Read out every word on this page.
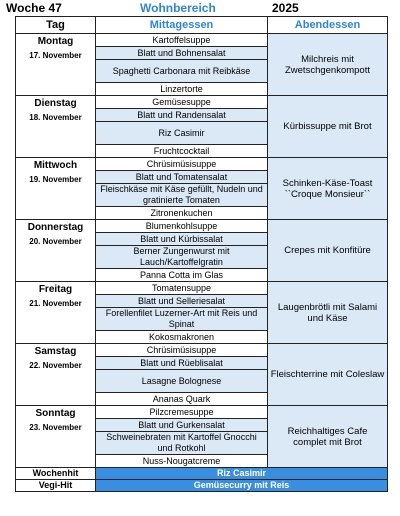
Woche 47	Wohnbereich	2025
Tag	Mittagessen	Abendessen

Montag
17. November	Kartoffelsuppe	Milchreis mit Zwetschgenkompott
	Blatt und Bohnensalat	
	Spaghetti Carbonara mit Reibkäse	
	Linzertorte	

Dienstag
18. November	Gemüsesuppe	Kürbissuppe mit Brot
	Blatt und Randensalat	
	Riz Casimir	
	Fruchtcocktail	

Mittwoch
19. November	Chrüsimüsisuppe	Schinken-Käse-Toast ``Croque Monsieur``
	Blatt und Tomatensalat	
	Fleischkäse mit Käse gefüllt, Nudeln und gratinierte Tomaten	
	Zitronenkuchen	

Donnerstag
20. November	Blumenkohlsuppe	Crepes mit Konfitüre
	Blatt und Kürbissalat	
	Berner Zungenwurst mit Lauch/Kartoffelgratin	
	Panna Cotta im Glas	

Freitag
21. November	Tomatensuppe	Laugenbrötli mit Salami und Käse
	Blatt und Selleriesalat	
	Forellenfilet Luzerner-Art mit Reis und Spinat	
	Kokosmakronen	

Samstag
22. November	Chrüsimüsisuppe	Fleischterrine mit Coleslaw
	Blatt und Rüeblisalat	
	Lasagne Bolognese	
	Ananas Quark	

Sonntag
23. November	Pilzcremesuppe	Reichhaltiges Cafe complet mit Brot
	Blatt und Gurkensalat	
	Schweinebraten mit Kartoffel Gnocchi und Rotkohl	
	Nuss-Nougatcreme	
Wochenhit	Riz Casimir	
Vegi-Hit	Gemüsecurry mit Reis	
